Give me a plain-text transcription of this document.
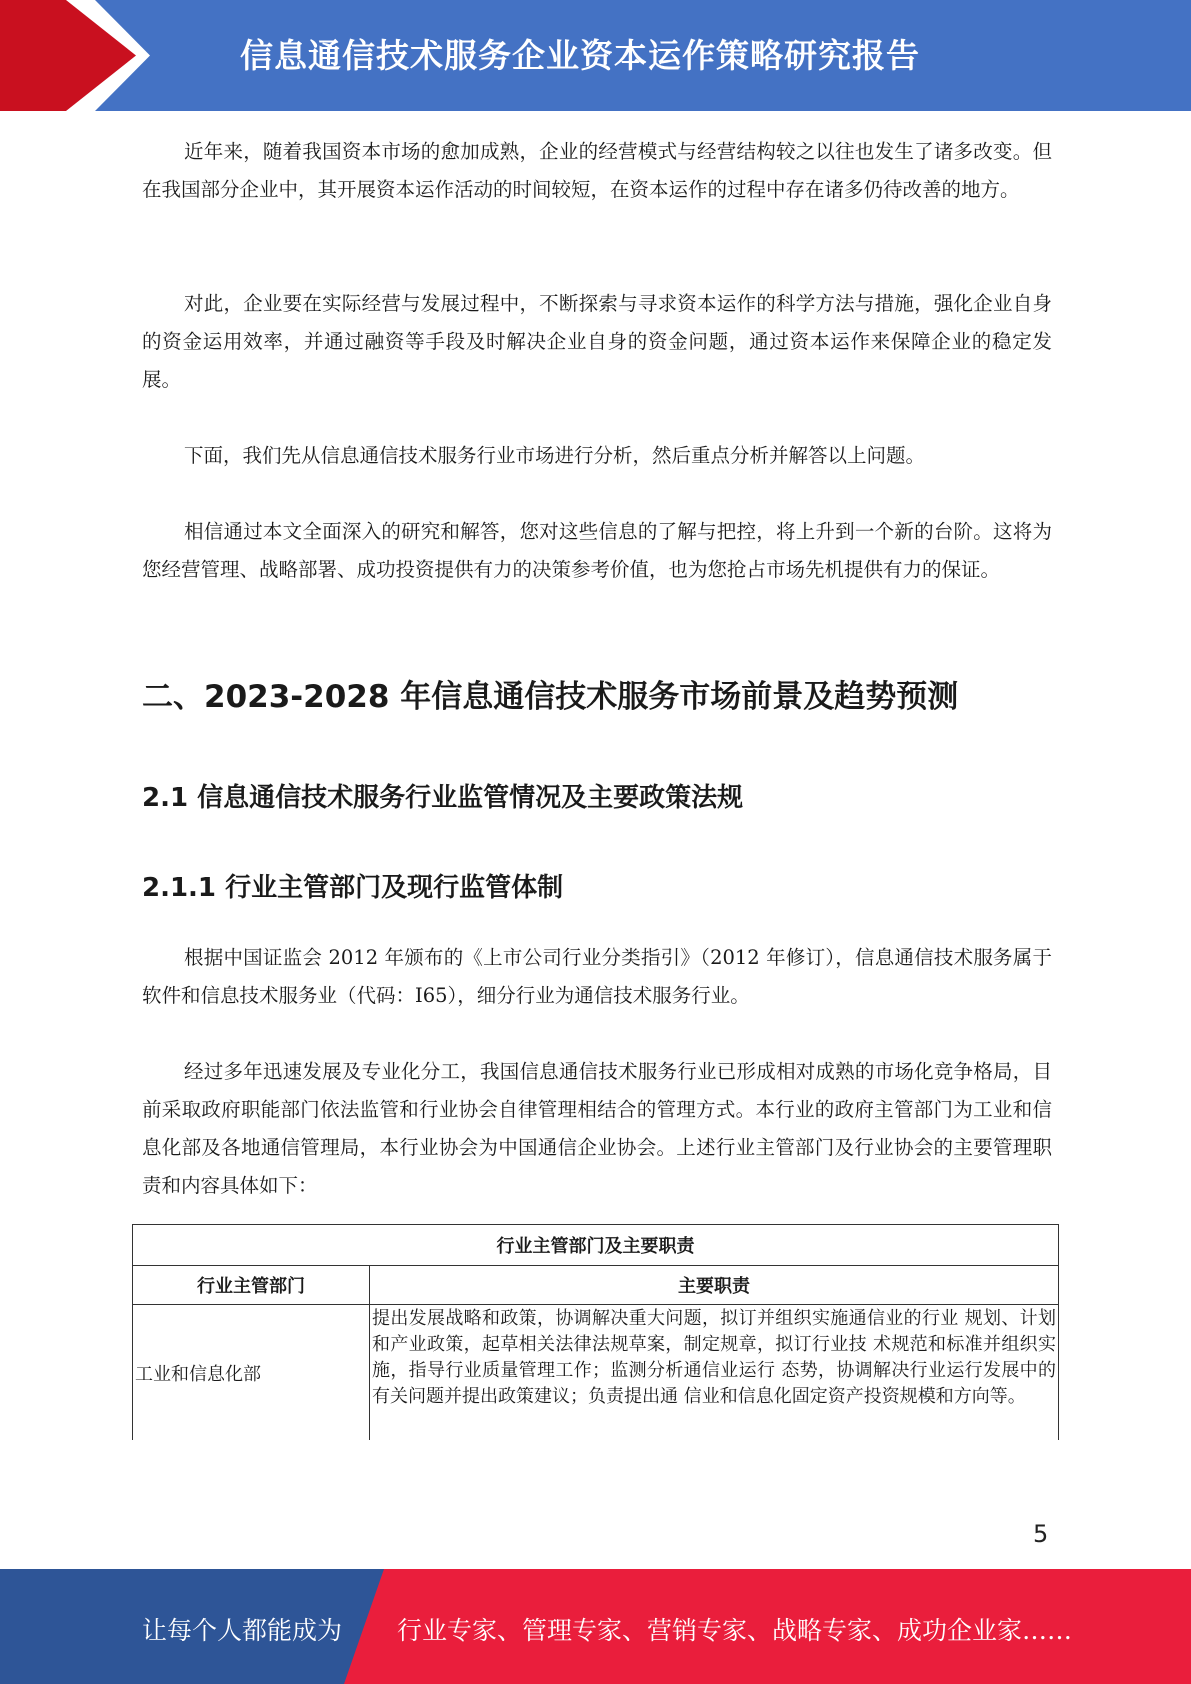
信息通信技术服务企业资本运作策略研究报告

近年来，随着我国资本市场的愈加成熟，企业的经营模式与经营结构较之以往也发生了诸多改变。但在我国部分企业中，其开展资本运作活动的时间较短，在资本运作的过程中存在诸多仍待改善的地方。

对此，企业要在实际经营与发展过程中，不断探索与寻求资本运作的科学方法与措施，强化企业自身的资金运用效率，并通过融资等手段及时解决企业自身的资金问题，通过资本运作来保障企业的稳定发展。

下面，我们先从信息通信技术服务行业市场进行分析，然后重点分析并解答以上问题。

相信通过本文全面深入的研究和解答，您对这些信息的了解与把控，将上升到一个新的台阶。这将为您经营管理、战略部署、成功投资提供有力的决策参考价值，也为您抢占市场先机提供有力的保证。

二、2023-2028 年信息通信技术服务市场前景及趋势预测
2.1 信息通信技术服务行业监管情况及主要政策法规
2.1.1 行业主管部门及现行监管体制

根据中国证监会 2012 年颁布的《上市公司行业分类指引》（2012 年修订），信息通信技术服务属于软件和信息技术服务业（代码：I65），细分行业为通信技术服务行业。

经过多年迅速发展及专业化分工，我国信息通信技术服务行业已形成相对成熟的市场化竞争格局，目前采取政府职能部门依法监管和行业协会自律管理相结合的管理方式。本行业的政府主管部门为工业和信息化部及各地通信管理局，本行业协会为中国通信企业协会。上述行业主管部门及行业协会的主要管理职责和内容具体如下：

行业主管部门及主要职责	
行业主管部门	主要职责
工业和信息化部	提出发展战略和政策，协调解决重大问题，拟订并组织实施通信业的行业 规划、计划和产业政策，起草相关法律法规草案，制定规章，拟订行业技 术规范和标准并组织实施，指导行业质量管理工作；监测分析通信业运行 态势，协调解决行业运行发展中的有关问题并提出政策建议；负责提出通 信业和信息化固定资产投资规模和方向等。
5
让每个人都能成为 行业专家、管理专家、营销专家、战略专家、成功企业家……
